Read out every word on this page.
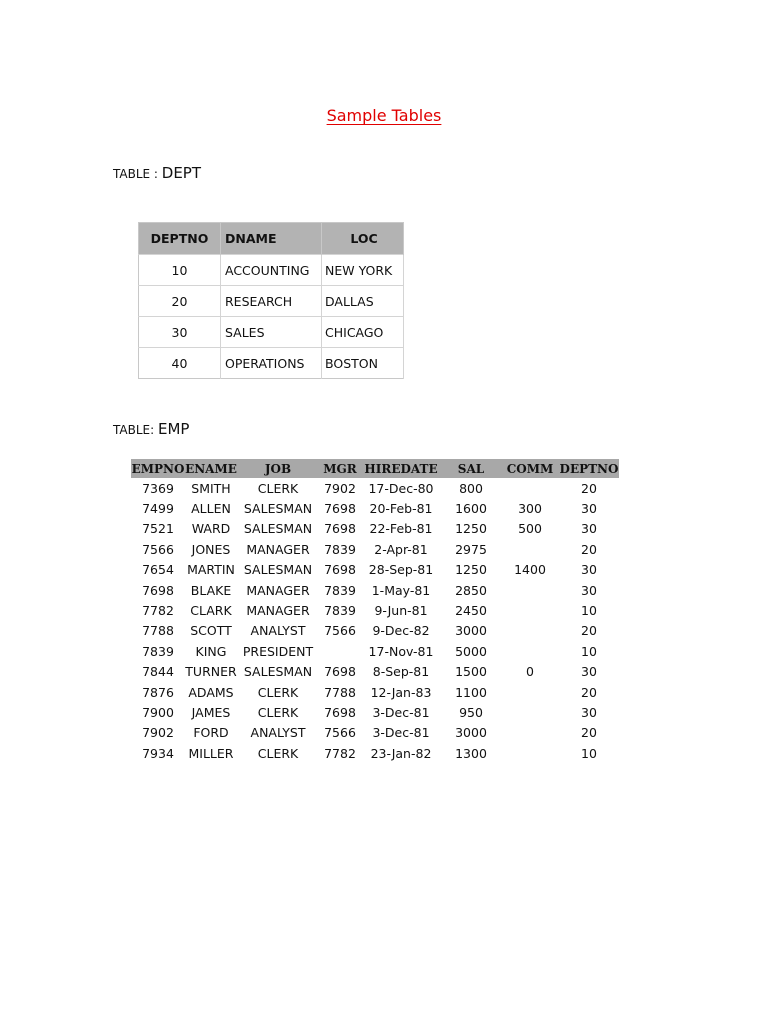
Sample Tables
TABLE : DEPT
DEPTNO	DNAME	LOC
10	ACCOUNTING	NEW YORK
20	RESEARCH	DALLAS
30	SALES	CHICAGO
40	OPERATIONS	BOSTON
TABLE: EMP
EMPNO	ENAME	JOB	MGR	HIREDATE	SAL	COMM	DEPTNO
7369	SMITH	CLERK	7902	17-Dec-80	800		20
7499	ALLEN	SALESMAN	7698	20-Feb-81	1600	300	30
7521	WARD	SALESMAN	7698	22-Feb-81	1250	500	30
7566	JONES	MANAGER	7839	2-Apr-81	2975		20
7654	MARTIN	SALESMAN	7698	28-Sep-81	1250	1400	30
7698	BLAKE	MANAGER	7839	1-May-81	2850		30
7782	CLARK	MANAGER	7839	9-Jun-81	2450		10
7788	SCOTT	ANALYST	7566	9-Dec-82	3000		20
7839	KING	PRESIDENT		17-Nov-81	5000		10
7844	TURNER	SALESMAN	7698	8-Sep-81	1500	0	30
7876	ADAMS	CLERK	7788	12-Jan-83	1100		20
7900	JAMES	CLERK	7698	3-Dec-81	950		30
7902	FORD	ANALYST	7566	3-Dec-81	3000		20
7934	MILLER	CLERK	7782	23-Jan-82	1300		10
